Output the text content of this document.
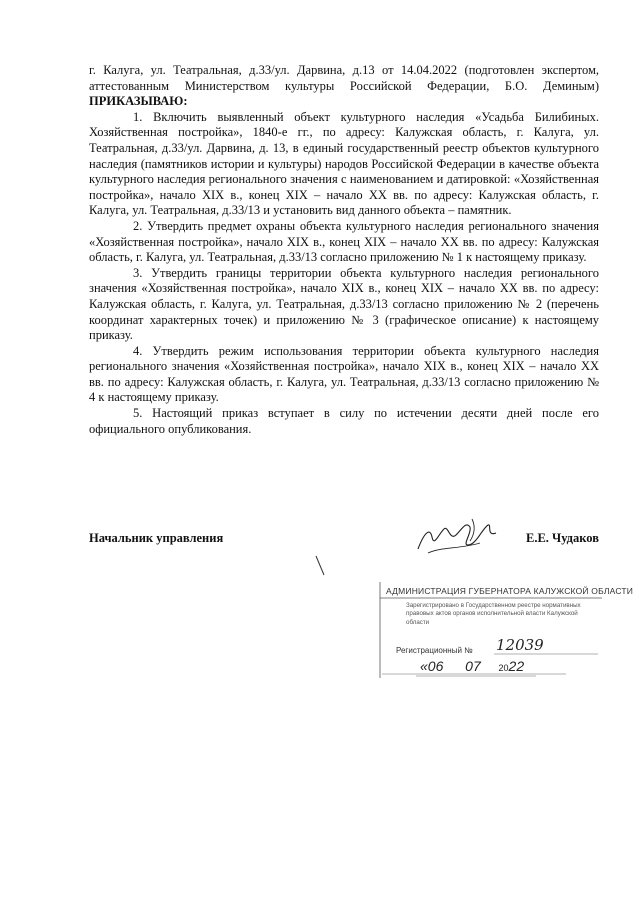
г. Калуга, ул. Театральная, д.33/ул. Дарвина, д.13 от 14.04.2022 (подготовлен экспертом, аттестованным Министерством культуры Российской Федерации, Б.О. Деминым) ПРИКАЗЫВАЮ:

1. Включить выявленный объект культурного наследия «Усадьба Билибиных. Хозяйственная постройка», 1840-е гг., по адресу: Калужская область, г. Калуга, ул. Театральная, д.33/ул. Дарвина, д. 13, в единый государственный реестр объектов культурного наследия (памятников истории и культуры) народов Российской Федерации в качестве объекта культурного наследия регионального значения с наименованием и датировкой: «Хозяйственная постройка», начало XIX в., конец XIX – начало XX вв. по адресу: Калужская область, г. Калуга, ул. Театральная, д.33/13 и установить вид данного объекта – памятник.

2. Утвердить предмет охраны объекта культурного наследия регионального значения «Хозяйственная постройка», начало XIX в., конец XIX – начало XX вв. по адресу: Калужская область, г. Калуга, ул. Театральная, д.33/13 согласно приложению № 1 к настоящему приказу.

3. Утвердить границы территории объекта культурного наследия регионального значения «Хозяйственная постройка», начало XIX в., конец XIX – начало XX вв. по адресу: Калужская область, г. Калуга, ул. Театральная, д.33/13 согласно приложению № 2 (перечень координат характерных точек) и приложению № 3 (графическое описание) к настоящему приказу.

4. Утвердить режим использования территории объекта культурного наследия регионального значения «Хозяйственная постройка», начало XIX в., конец XIX – начало XX вв. по адресу: Калужская область, г. Калуга, ул. Театральная, д.33/13 согласно приложению № 4 к настоящему приказу.

5. Настоящий приказ вступает в силу по истечении десяти дней после его официального опубликования.

Начальник управления	Е.Е. Чудаков
АДМИНИСТРАЦИЯ ГУБЕРНАТОРА КАЛУЖСКОЙ ОБЛАСТИ
Зарегистрировано в Государственном реестре нормативных правовых актов органов исполнительной власти Калужской области
Регистрационный № 12039
«06 07 2022
